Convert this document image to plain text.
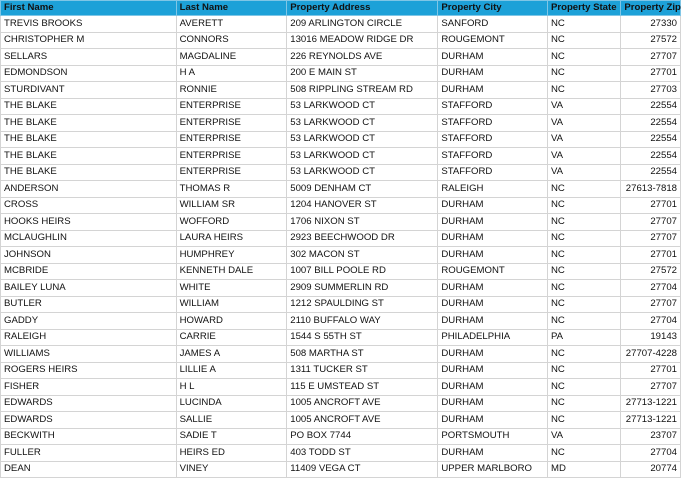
First Name	Last Name	Property Address	Property City	Property State	Property Zip
TREVIS BROOKS	AVERETT	209 ARLINGTON CIRCLE	SANFORD	NC	27330
CHRISTOPHER M	CONNORS	13016 MEADOW RIDGE DR	ROUGEMONT	NC	27572
SELLARS	MAGDALINE	226 REYNOLDS AVE	DURHAM	NC	27707
EDMONDSON	H A	200 E MAIN ST	DURHAM	NC	27701
STURDIVANT	RONNIE	508 RIPPLING STREAM RD	DURHAM	NC	27703
THE BLAKE	ENTERPRISE	53 LARKWOOD CT	STAFFORD	VA	22554
THE BLAKE	ENTERPRISE	53 LARKWOOD CT	STAFFORD	VA	22554
THE BLAKE	ENTERPRISE	53 LARKWOOD CT	STAFFORD	VA	22554
THE BLAKE	ENTERPRISE	53 LARKWOOD CT	STAFFORD	VA	22554
THE BLAKE	ENTERPRISE	53 LARKWOOD CT	STAFFORD	VA	22554
ANDERSON	THOMAS R	5009 DENHAM CT	RALEIGH	NC	27613-7818
CROSS	WILLIAM SR	1204 HANOVER ST	DURHAM	NC	27701
HOOKS HEIRS	WOFFORD	1706 NIXON ST	DURHAM	NC	27707
MCLAUGHLIN	LAURA HEIRS	2923 BEECHWOOD DR	DURHAM	NC	27707
JOHNSON	HUMPHREY	302 MACON ST	DURHAM	NC	27701
MCBRIDE	KENNETH DALE	1007 BILL POOLE RD	ROUGEMONT	NC	27572
BAILEY LUNA	WHITE	2909 SUMMERLIN RD	DURHAM	NC	27704
BUTLER	WILLIAM	1212 SPAULDING ST	DURHAM	NC	27707
GADDY	HOWARD	2110 BUFFALO WAY	DURHAM	NC	27704
RALEIGH	CARRIE	1544 S 55TH ST	PHILADELPHIA	PA	19143
WILLIAMS	JAMES A	508 MARTHA ST	DURHAM	NC	27707-4228
ROGERS HEIRS	LILLIE A	1311 TUCKER ST	DURHAM	NC	27701
FISHER	H L	115 E UMSTEAD ST	DURHAM	NC	27707
EDWARDS	LUCINDA	1005 ANCROFT AVE	DURHAM	NC	27713-1221
EDWARDS	SALLIE	1005 ANCROFT AVE	DURHAM	NC	27713-1221
BECKWITH	SADIE T	PO BOX 7744	PORTSMOUTH	VA	23707
FULLER	HEIRS ED	403 TODD ST	DURHAM	NC	27704
DEAN	VINEY	11409 VEGA CT	UPPER MARLBORO	MD	20774
